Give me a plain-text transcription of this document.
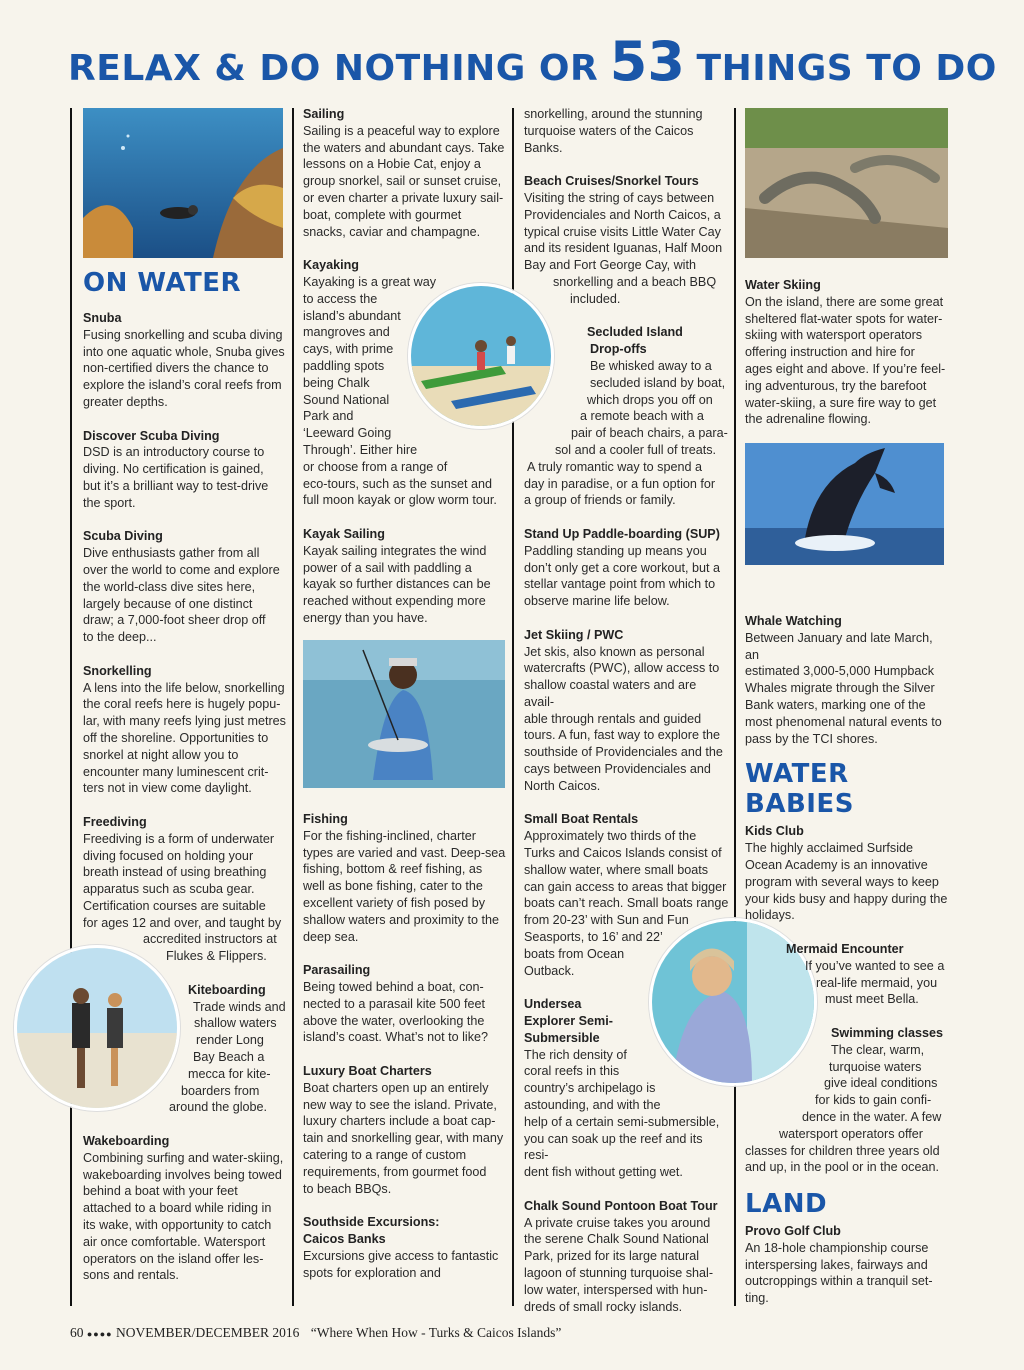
RELAX & DO NOTHING OR 53 THINGS TO DO
ON WATER

Snuba

Fusing snorkelling and scuba diving

into one aquatic whole, Snuba gives

non-certified divers the chance to

explore the island’s coral reefs from

greater depths.

Discover Scuba Diving

DSD is an introductory course to

diving. No certification is gained,

but it’s a brilliant way to test-drive

the sport.

Scuba Diving

Dive enthusiasts gather from all

over the world to come and explore

the world-class dive sites here,

largely because of one distinct

draw; a 7,000-foot sheer drop off

to the deep...

Snorkelling

A lens into the life below, snorkelling

the coral reefs here is hugely popu-

lar, with many reefs lying just metres

off the shoreline. Opportunities to

snorkel at night allow you to

encounter many luminescent crit-

ters not in view come daylight.

Freediving

Freediving is a form of underwater

diving focused on holding your

breath instead of using breathing

apparatus such as scuba gear.

Certification courses are suitable

for ages 12 and over, and taught by

accredited instructors at

Flukes & Flippers.

Kiteboarding

Trade winds and

shallow waters

render Long

Bay Beach a

mecca for kite-

boarders from

around the globe.

Wakeboarding

Combining surfing and water-skiing,

wakeboarding involves being towed

behind a boat with your feet

attached to a board while riding in

its wake, with opportunity to catch

air once comfortable. Watersport

operators on the island offer les-

sons and rentals.

Sailing

Sailing is a peaceful way to explore

the waters and abundant cays. Take

lessons on a Hobie Cat, enjoy a

group snorkel, sail or sunset cruise,

or even charter a private luxury sail-

boat, complete with gourmet

snacks, caviar and champagne.

Kayaking

Kayaking is a great way

to access the

island’s abundant

mangroves and

cays, with prime

paddling spots

being Chalk

Sound National

Park and

‘Leeward Going

Through’. Either hire

or choose from a range of

eco-tours, such as the sunset and

full moon kayak or glow worm tour.

Kayak Sailing

Kayak sailing integrates the wind

power of a sail with paddling a

kayak so further distances can be

reached without expending more

energy than you have.

Fishing

For the fishing-inclined, charter

types are varied and vast. Deep-sea

fishing, bottom & reef fishing, as

well as bone fishing, cater to the

excellent variety of fish posed by

shallow waters and proximity to the

deep sea.

Parasailing

Being towed behind a boat, con-

nected to a parasail kite 500 feet

above the water, overlooking the

island’s coast. What’s not to like?

Luxury Boat Charters

Boat charters open up an entirely

new way to see the island. Private,

luxury charters include a boat cap-

tain and snorkelling gear, with many

catering to a range of custom

requirements, from gourmet food

to beach BBQs.

Southside Excursions:

Caicos Banks

Excursions give access to fantastic

spots for exploration and

snorkelling, around the stunning

turquoise waters of the Caicos

Banks.

Beach Cruises/Snorkel Tours

Visiting the string of cays between

Providenciales and North Caicos, a

typical cruise visits Little Water Cay

and its resident Iguanas, Half Moon

Bay and Fort George Cay, with

snorkelling and a beach BBQ

included.

Secluded Island

Drop-offs

Be whisked away to a

secluded island by boat,

which drops you off on

a remote beach with a

pair of beach chairs, a para-

sol and a cooler full of treats.

A truly romantic way to spend a

day in paradise, or a fun option for

a group of friends or family.

Stand Up Paddle-boarding (SUP)

Paddling standing up means you

don’t only get a core workout, but a

stellar vantage point from which to

observe marine life below.

Jet Skiing / PWC

Jet skis, also known as personal

watercrafts (PWC), allow access to

shallow coastal waters and are avail-

able through rentals and guided

tours. A fun, fast way to explore the

southside of Providenciales and the

cays between Providenciales and

North Caicos.

Small Boat Rentals

Approximately two thirds of the

Turks and Caicos Islands consist of

shallow water, where small boats

can gain access to areas that bigger

boats can’t reach. Small boats range

from 20-23’ with Sun and Fun

Seasports, to 16’ and 22’

boats from Ocean

Outback.

Undersea

Explorer Semi-

Submersible

The rich density of

coral reefs in this

country’s archipelago is

astounding, and with the

help of a certain semi-submersible,

you can soak up the reef and its resi-

dent fish without getting wet.

Chalk Sound Pontoon Boat Tour

A private cruise takes you around

the serene Chalk Sound National

Park, prized for its large natural

lagoon of stunning turquoise shal-

low water, interspersed with hun-

dreds of small rocky islands.

Water Skiing

On the island, there are some great

sheltered flat-water spots for water-

skiing with watersport operators

offering instruction and hire for

ages eight and above. If you’re feel-

ing adventurous, try the barefoot

water-skiing, a sure fire way to get

the adrenaline flowing.

Whale Watching

Between January and late March, an

estimated 3,000-5,000 Humpback

Whales migrate through the Silver

Bank waters, marking one of the

most phenomenal natural events to

pass by the TCI shores.

WATER BABIES

Kids Club

The highly acclaimed Surfside

Ocean Academy is an innovative

program with several ways to keep

your kids busy and happy during the

holidays.

Mermaid Encounter

If you’ve wanted to see a

real-life mermaid, you

must meet Bella.

Swimming classes

The clear, warm,

turquoise waters

give ideal conditions

for kids to gain confi-

dence in the water. A few

watersport operators offer

classes for children three years old

and up, in the pool or in the ocean.

LAND

Provo Golf Club

An 18-hole championship course

interspersing lakes, fairways and

outcroppings within a tranquil set-

ting.

60 ●●●● NOVEMBER/DECEMBER 2016 “Where When How - Turks & Caicos Islands”
